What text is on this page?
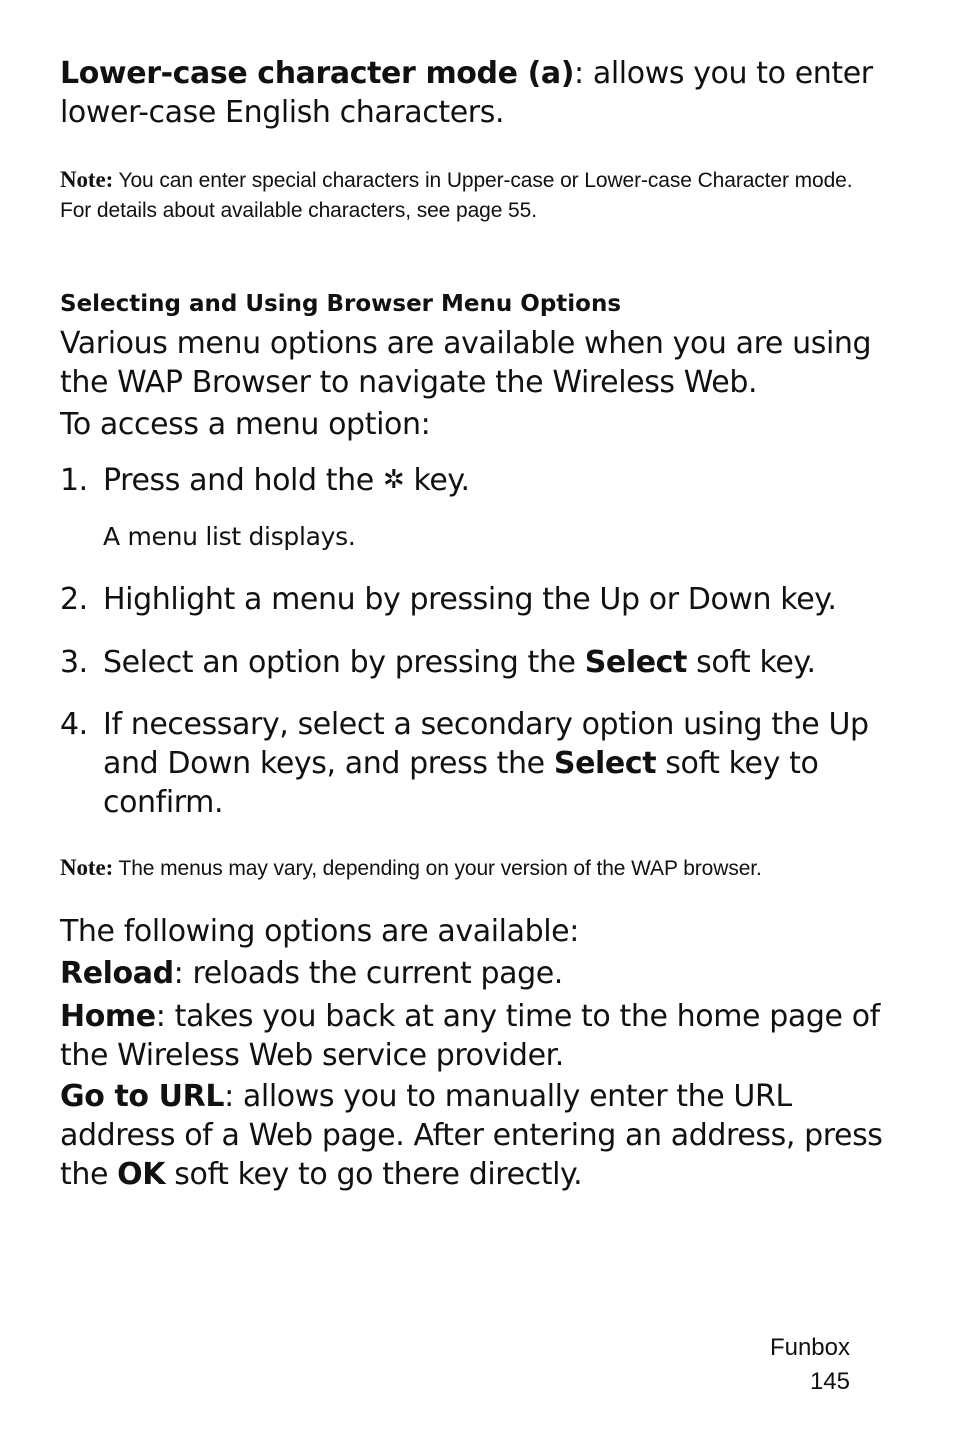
Lower-case character mode (a): allows you to enter lower-case English characters.
Note: You can enter special characters in Upper-case or Lower-case Character mode. For details about available characters, see page 55.
Selecting and Using Browser Menu Options
Various menu options are available when you are using the WAP Browser to navigate the Wireless Web.
To access a menu option:
1. Press and hold the ✲ key.
A menu list displays.
2. Highlight a menu by pressing the Up or Down key.
3. Select an option by pressing the Select soft key.
4. If necessary, select a secondary option using the Up and Down keys, and press the Select soft key to confirm.
Note: The menus may vary, depending on your version of the WAP browser.
The following options are available:
Reload: reloads the current page.
Home: takes you back at any time to the home page of the Wireless Web service provider.
Go to URL: allows you to manually enter the URL address of a Web page. After entering an address, press the OK soft key to go there directly.
Funbox
145
